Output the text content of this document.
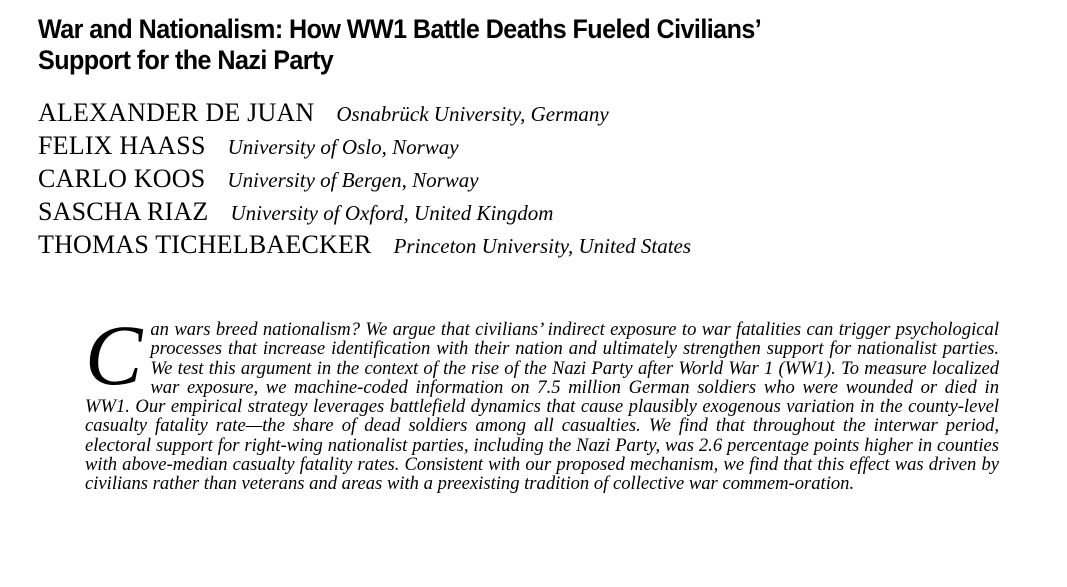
War and Nationalism: How WW1 Battle Deaths Fueled Civilians’
Support for the Nazi Party
ALEXANDER DE JUAN Osnabrück University, Germany
FELIX HAASS University of Oslo, Norway
CARLO KOOS University of Bergen, Norway
SASCHA RIAZ University of Oxford, United Kingdom
THOMAS TICHELBAECKER Princeton University, United States

Can wars breed nationalism? We argue that civilians’ indirect exposure to war fatalities can trigger psychological processes that increase identification with their nation and ultimately strengthen support for nationalist parties. We test this argument in the context of the rise of the Nazi Party after World War 1 (WW1). To measure localized war exposure, we machine-coded information on 7.5 million German soldiers who were wounded or died in WW1. Our empirical strategy leverages battlefield dynamics that cause plausibly exogenous variation in the county-level casualty fatality rate—the share of dead soldiers among all casualties. We find that throughout the interwar period, electoral support for right-wing nationalist parties, including the Nazi Party, was 2.6 percentage points higher in counties with above-median casualty fatality rates. Consistent with our proposed mechanism, we find that this effect was driven by civilians rather than veterans and areas with a preexisting tradition of collective war commem-oration.
